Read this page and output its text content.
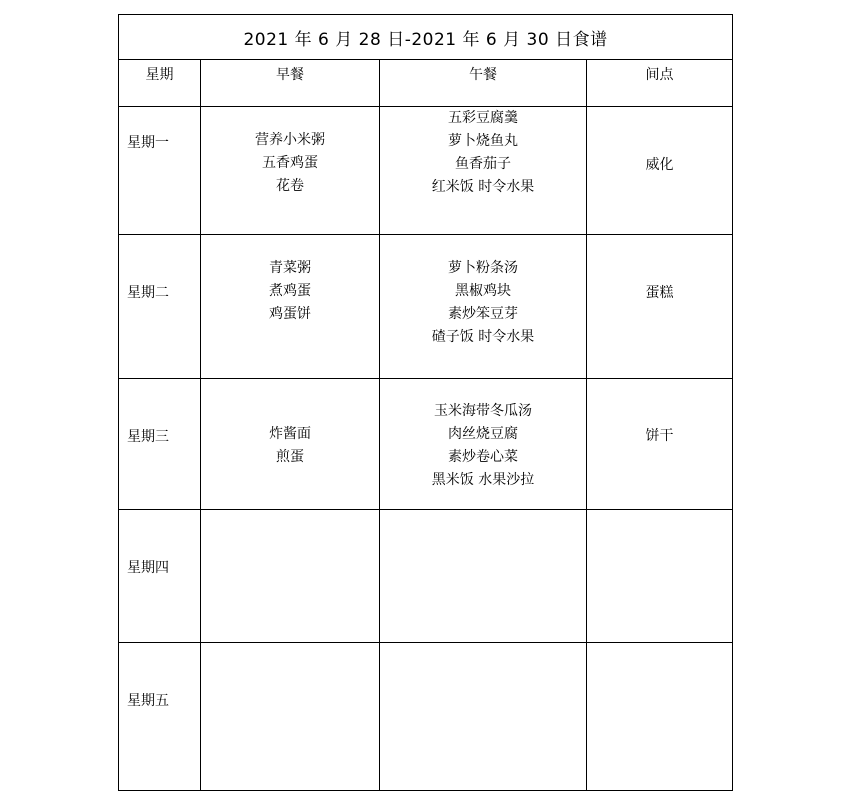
2021 年 6 月 28 日-2021 年 6 月 30 日食谱			
星期	早餐	午餐	间点

星期一	营养小米粥
五香鸡蛋
花卷	五彩豆腐羹
萝卜烧鱼丸
鱼香茄子
红米饭 时令水果	威化

星期二	青菜粥
煮鸡蛋
鸡蛋饼	萝卜粉条汤
黑椒鸡块
素炒笨豆芽
碴子饭 时令水果	蛋糕

星期三	炸酱面
煎蛋	玉米海带冬瓜汤
肉丝烧豆腐
素炒卷心菜
黑米饭 水果沙拉	饼干

星期四			

星期五			
